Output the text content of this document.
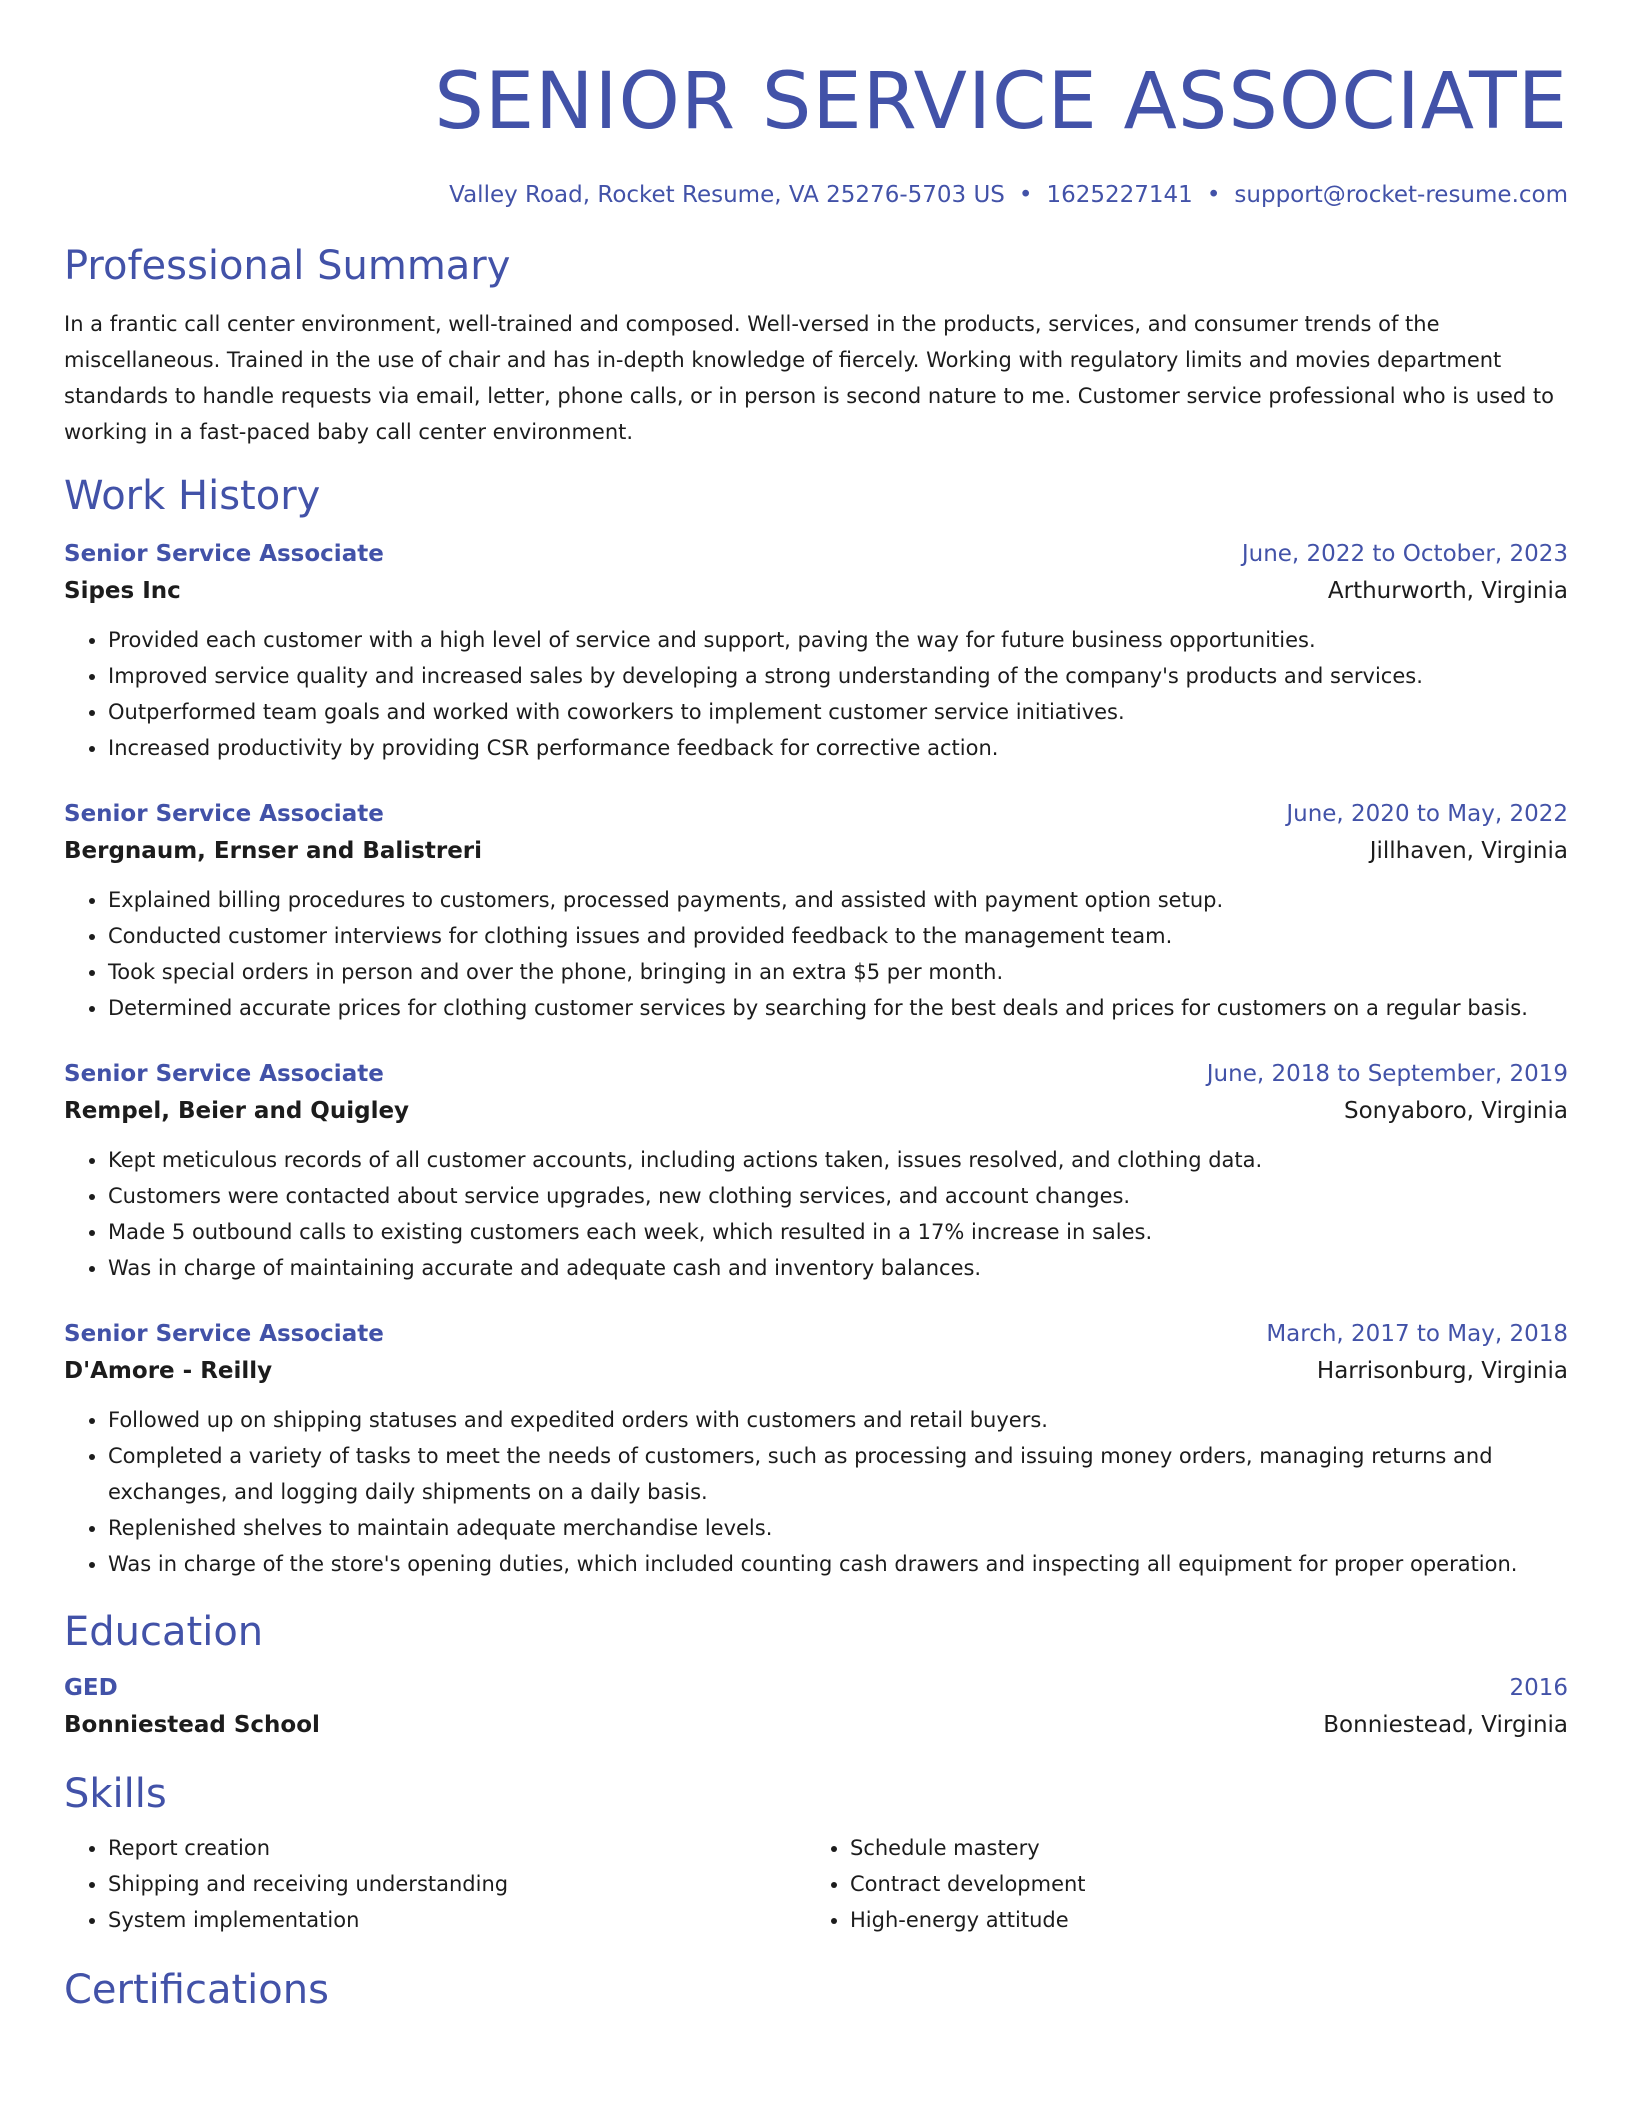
SENIOR SERVICE ASSOCIATE
Valley Road, Rocket Resume, VA 25276-5703 US • 1625227141 • support@rocket-resume.com
Professional Summary
In a frantic call center environment, well-trained and composed. Well-versed in the products, services, and consumer trends of the miscellaneous. Trained in the use of chair and has in-depth knowledge of fiercely. Working with regulatory limits and movies department standards to handle requests via email, letter, phone calls, or in person is second nature to me. Customer service professional who is used to working in a fast-paced baby call center environment.
Work History
Senior Service Associate	June, 2022 to October, 2023
Sipes Inc	Arthurworth, Virginia
• Provided each customer with a high level of service and support, paving the way for future business opportunities.
• Improved service quality and increased sales by developing a strong understanding of the company's products and services.
• Outperformed team goals and worked with coworkers to implement customer service initiatives.
• Increased productivity by providing CSR performance feedback for corrective action.
Senior Service Associate	June, 2020 to May, 2022
Bergnaum, Ernser and Balistreri	Jillhaven, Virginia
• Explained billing procedures to customers, processed payments, and assisted with payment option setup.
• Conducted customer interviews for clothing issues and provided feedback to the management team.
• Took special orders in person and over the phone, bringing in an extra $5 per month.
• Determined accurate prices for clothing customer services by searching for the best deals and prices for customers on a regular basis.
Senior Service Associate	June, 2018 to September, 2019
Rempel, Beier and Quigley	Sonyaboro, Virginia
• Kept meticulous records of all customer accounts, including actions taken, issues resolved, and clothing data.
• Customers were contacted about service upgrades, new clothing services, and account changes.
• Made 5 outbound calls to existing customers each week, which resulted in a 17% increase in sales.
• Was in charge of maintaining accurate and adequate cash and inventory balances.
Senior Service Associate	March, 2017 to May, 2018
D'Amore - Reilly	Harrisonburg, Virginia
• Followed up on shipping statuses and expedited orders with customers and retail buyers.
• Completed a variety of tasks to meet the needs of customers, such as processing and issuing money orders, managing returns and exchanges, and logging daily shipments on a daily basis.
• Replenished shelves to maintain adequate merchandise levels.
• Was in charge of the store's opening duties, which included counting cash drawers and inspecting all equipment for proper operation.
Education
GED	2016
Bonniestead School	Bonniestead, Virginia
Skills
• Report creation
• Shipping and receiving understanding
• System implementation
• Schedule mastery
• Contract development
• High-energy attitude
Certifications
